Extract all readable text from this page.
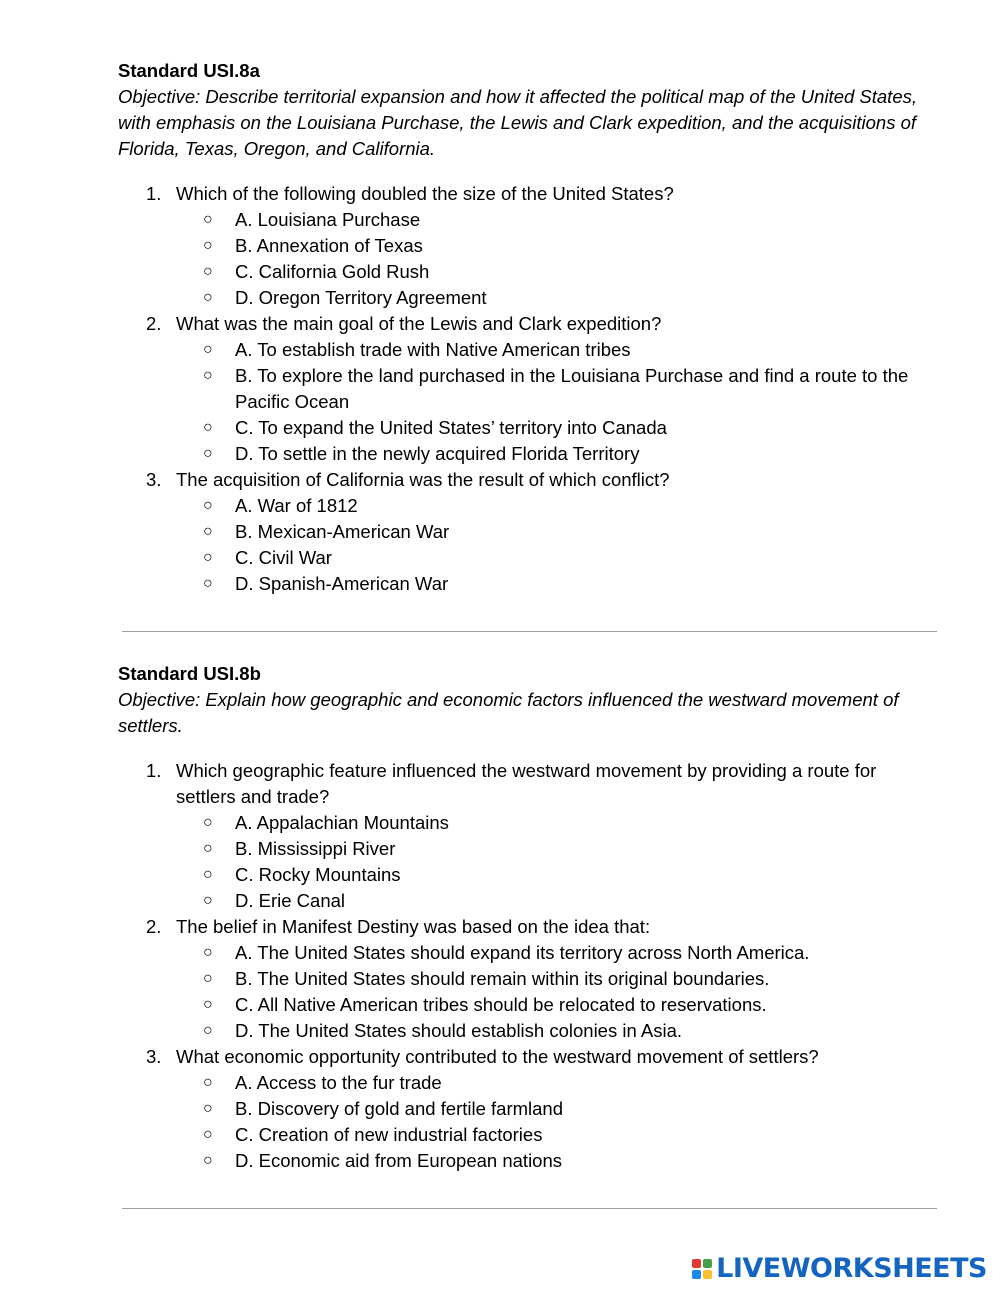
Standard USI.8a

Objective: Describe territorial expansion and how it affected the political map of the United States, with emphasis on the Louisiana Purchase, the Lewis and Clark expedition, and the acquisitions of Florida, Texas, Oregon, and California.

1. Which of the following doubled the size of the United States?
○ A. Louisiana Purchase
○ B. Annexation of Texas
○ C. California Gold Rush
○ D. Oregon Territory Agreement
2. What was the main goal of the Lewis and Clark expedition?
○ A. To establish trade with Native American tribes
○ B. To explore the land purchased in the Louisiana Purchase and find a route to the Pacific Ocean
○ C. To expand the United States’ territory into Canada
○ D. To settle in the newly acquired Florida Territory
3. The acquisition of California was the result of which conflict?
○ A. War of 1812
○ B. Mexican-American War
○ C. Civil War
○ D. Spanish-American War

Standard USI.8b

Objective: Explain how geographic and economic factors influenced the westward movement of settlers.

1. Which geographic feature influenced the westward movement by providing a route for settlers and trade?
○ A. Appalachian Mountains
○ B. Mississippi River
○ C. Rocky Mountains
○ D. Erie Canal
2. The belief in Manifest Destiny was based on the idea that:
○ A. The United States should expand its territory across North America.
○ B. The United States should remain within its original boundaries.
○ C. All Native American tribes should be relocated to reservations.
○ D. The United States should establish colonies in Asia.
3. What economic opportunity contributed to the westward movement of settlers?
○ A. Access to the fur trade
○ B. Discovery of gold and fertile farmland
○ C. Creation of new industrial factories
○ D. Economic aid from European nations
LIVEWORKSHEETS
